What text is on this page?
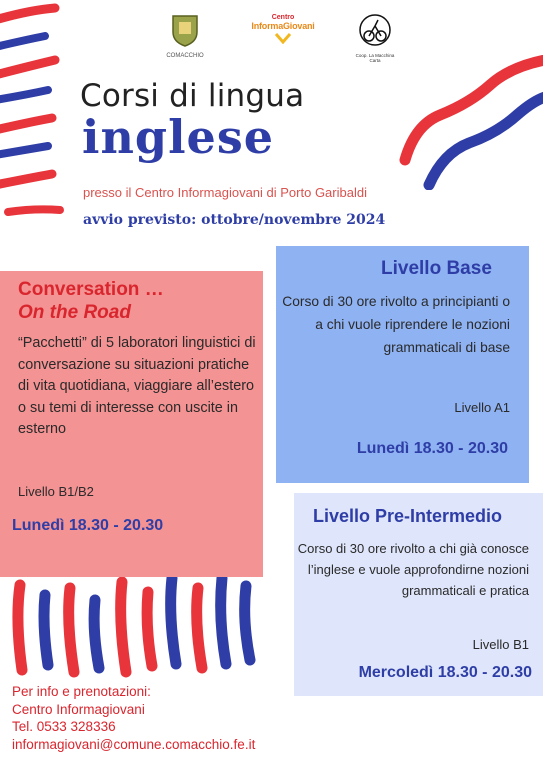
COMACCHIO
Centro
InformaGiovani
Coop. La Macchina Carta
Corsi di lingua
inglese
presso il Centro Informagiovani di Porto Garibaldi
avvio previsto: ottobre/novembre 2024
Conversation …
On the Road
“Pacchetti” di 5 laboratori linguistici di conversazione su situazioni pratiche di vita quotidiana, viaggiare all’estero o su temi di interesse con uscite in esterno
Livello B1/B2
Lunedì 18.30 - 20.30
Livello Base
Corso di 30 ore rivolto a principianti o a chi vuole riprendere le nozioni grammaticali di base
Livello A1
Lunedì 18.30 - 20.30
Livello Pre-Intermedio
Corso di 30 ore rivolto a chi già conosce l’inglese e vuole approfondirne nozioni grammaticali e pratica
Livello B1
Mercoledì 18.30 - 20.30
Per info e prenotazioni:
Centro Informagiovani
Tel. 0533 328336
informagiovani@comune.comacchio.fe.it
